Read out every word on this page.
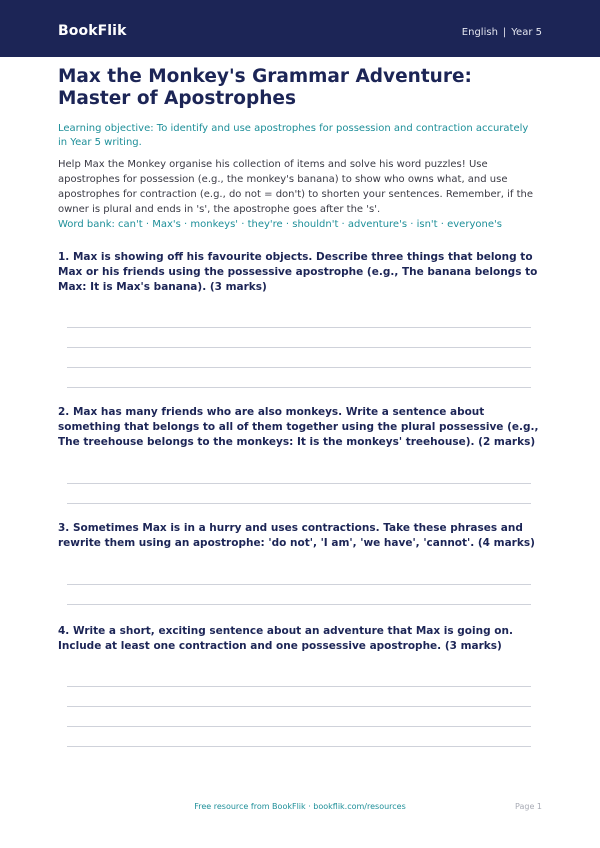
BookFlik	English | Year 5
Max the Monkey's Grammar Adventure: Master of Apostrophes

Learning objective: To identify and use apostrophes for possession and contraction accurately in Year 5 writing.

Help Max the Monkey organise his collection of items and solve his word puzzles! Use apostrophes for possession (e.g., the monkey's banana) to show who owns what, and use apostrophes for contraction (e.g., do not = don't) to shorten your sentences. Remember, if the owner is plural and ends in 's', the apostrophe goes after the 's'.

Word bank: can't · Max's · monkeys' · they're · shouldn't · adventure's · isn't · everyone's

1. Max is showing off his favourite objects. Describe three things that belong to Max or his friends using the possessive apostrophe (e.g., The banana belongs to Max: It is Max's banana). (3 marks)

2. Max has many friends who are also monkeys. Write a sentence about something that belongs to all of them together using the plural possessive (e.g., The treehouse belongs to the monkeys: It is the monkeys' treehouse). (2 marks)

3. Sometimes Max is in a hurry and uses contractions. Take these phrases and rewrite them using an apostrophe: 'do not', 'I am', 'we have', 'cannot'. (4 marks)

4. Write a short, exciting sentence about an adventure that Max is going on. Include at least one contraction and one possessive apostrophe. (3 marks)

Free resource from BookFlik · bookflik.com/resources	Page 1
